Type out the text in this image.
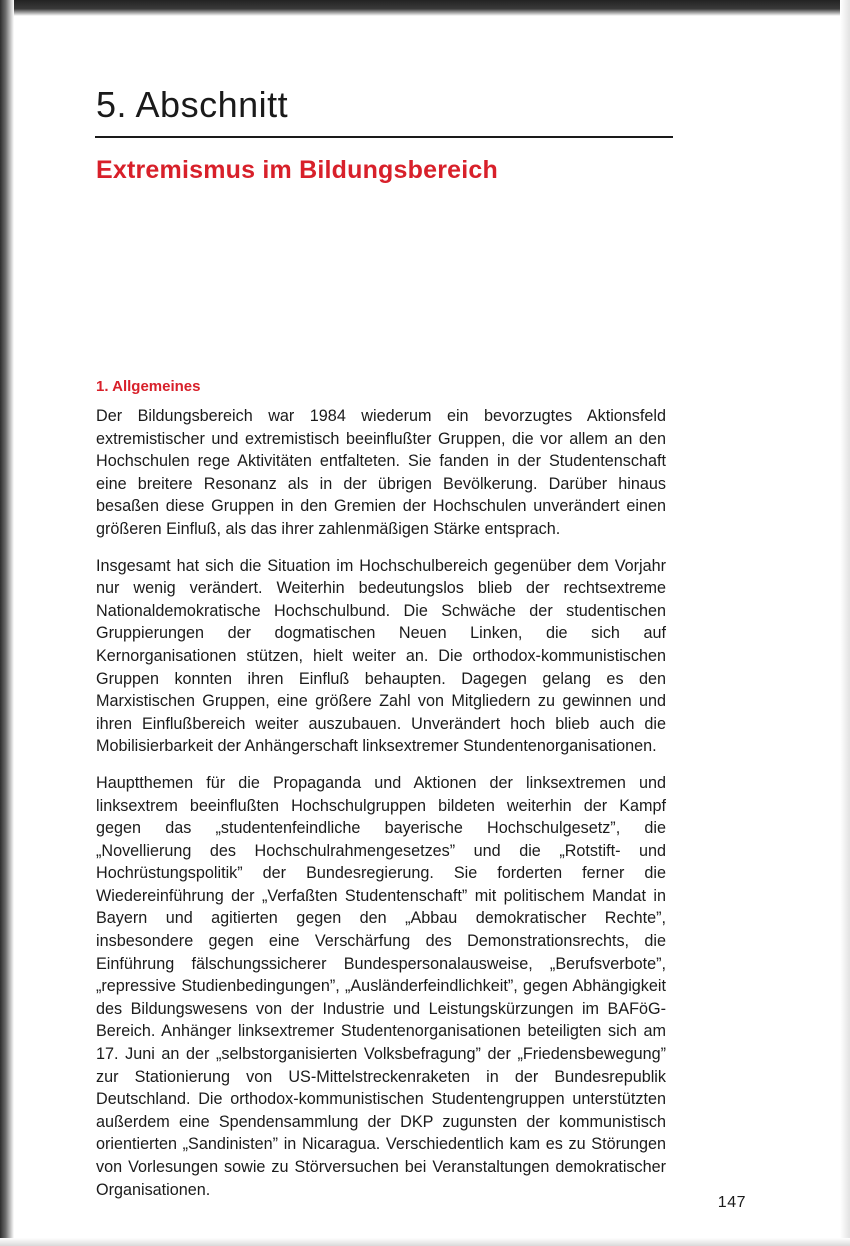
5. Abschnitt
Extremismus im Bildungsbereich
1. Allgemeines

Der Bildungsbereich war 1984 wiederum ein bevorzugtes Aktionsfeld extremistischer und extremistisch beeinflußter Gruppen, die vor allem an den Hochschulen rege Aktivitäten entfalteten. Sie fanden in der Studentenschaft eine breitere Resonanz als in der übrigen Bevölkerung. Darüber hinaus besaßen diese Gruppen in den Gremien der Hochschulen unverändert einen größeren Einfluß, als das ihrer zahlenmäßigen Stärke entsprach.

Insgesamt hat sich die Situation im Hochschulbereich gegenüber dem Vorjahr nur wenig verändert. Weiterhin bedeutungslos blieb der rechtsextreme Nationaldemokratische Hochschulbund. Die Schwäche der studentischen Gruppierungen der dogmatischen Neuen Linken, die sich auf Kernorganisationen stützen, hielt weiter an. Die orthodox-kommunistischen Gruppen konnten ihren Einfluß behaupten. Dagegen gelang es den Marxistischen Gruppen, eine größere Zahl von Mitgliedern zu gewinnen und ihren Einflußbereich weiter auszubauen. Unverändert hoch blieb auch die Mobilisierbarkeit der Anhängerschaft linksextremer Stundentenorganisationen.

Hauptthemen für die Propaganda und Aktionen der linksextremen und linksextrem beeinflußten Hochschulgruppen bildeten weiterhin der Kampf gegen das „studentenfeindliche bayerische Hochschulgesetz”, die „Novellierung des Hochschulrahmengesetzes” und die „Rotstift- und Hochrüstungspolitik” der Bundesregierung. Sie forderten ferner die Wiedereinführung der „Verfaßten Studentenschaft” mit politischem Mandat in Bayern und agitierten gegen den „Abbau demokratischer Rechte”, insbesondere gegen eine Verschärfung des Demonstrationsrechts, die Einführung fälschungssicherer Bundespersonalausweise, „Berufsverbote”, „repressive Studienbedingungen”, „Ausländerfeindlichkeit”, gegen Abhängigkeit des Bildungswesens von der Industrie und Leistungskürzungen im BAFöG-Bereich. Anhänger linksextremer Studentenorganisationen beteiligten sich am 17. Juni an der „selbstorganisierten Volksbefragung” der „Friedensbewegung” zur Stationierung von US-Mittelstreckenraketen in der Bundesrepublik Deutschland. Die orthodox-kommunistischen Studentengruppen unterstützten außerdem eine Spendensammlung der DKP zugunsten der kommunistisch orientierten „Sandinisten” in Nicaragua. Verschiedentlich kam es zu Störungen von Vorlesungen sowie zu Störversuchen bei Veranstaltungen demokratischer Organisationen.

147
